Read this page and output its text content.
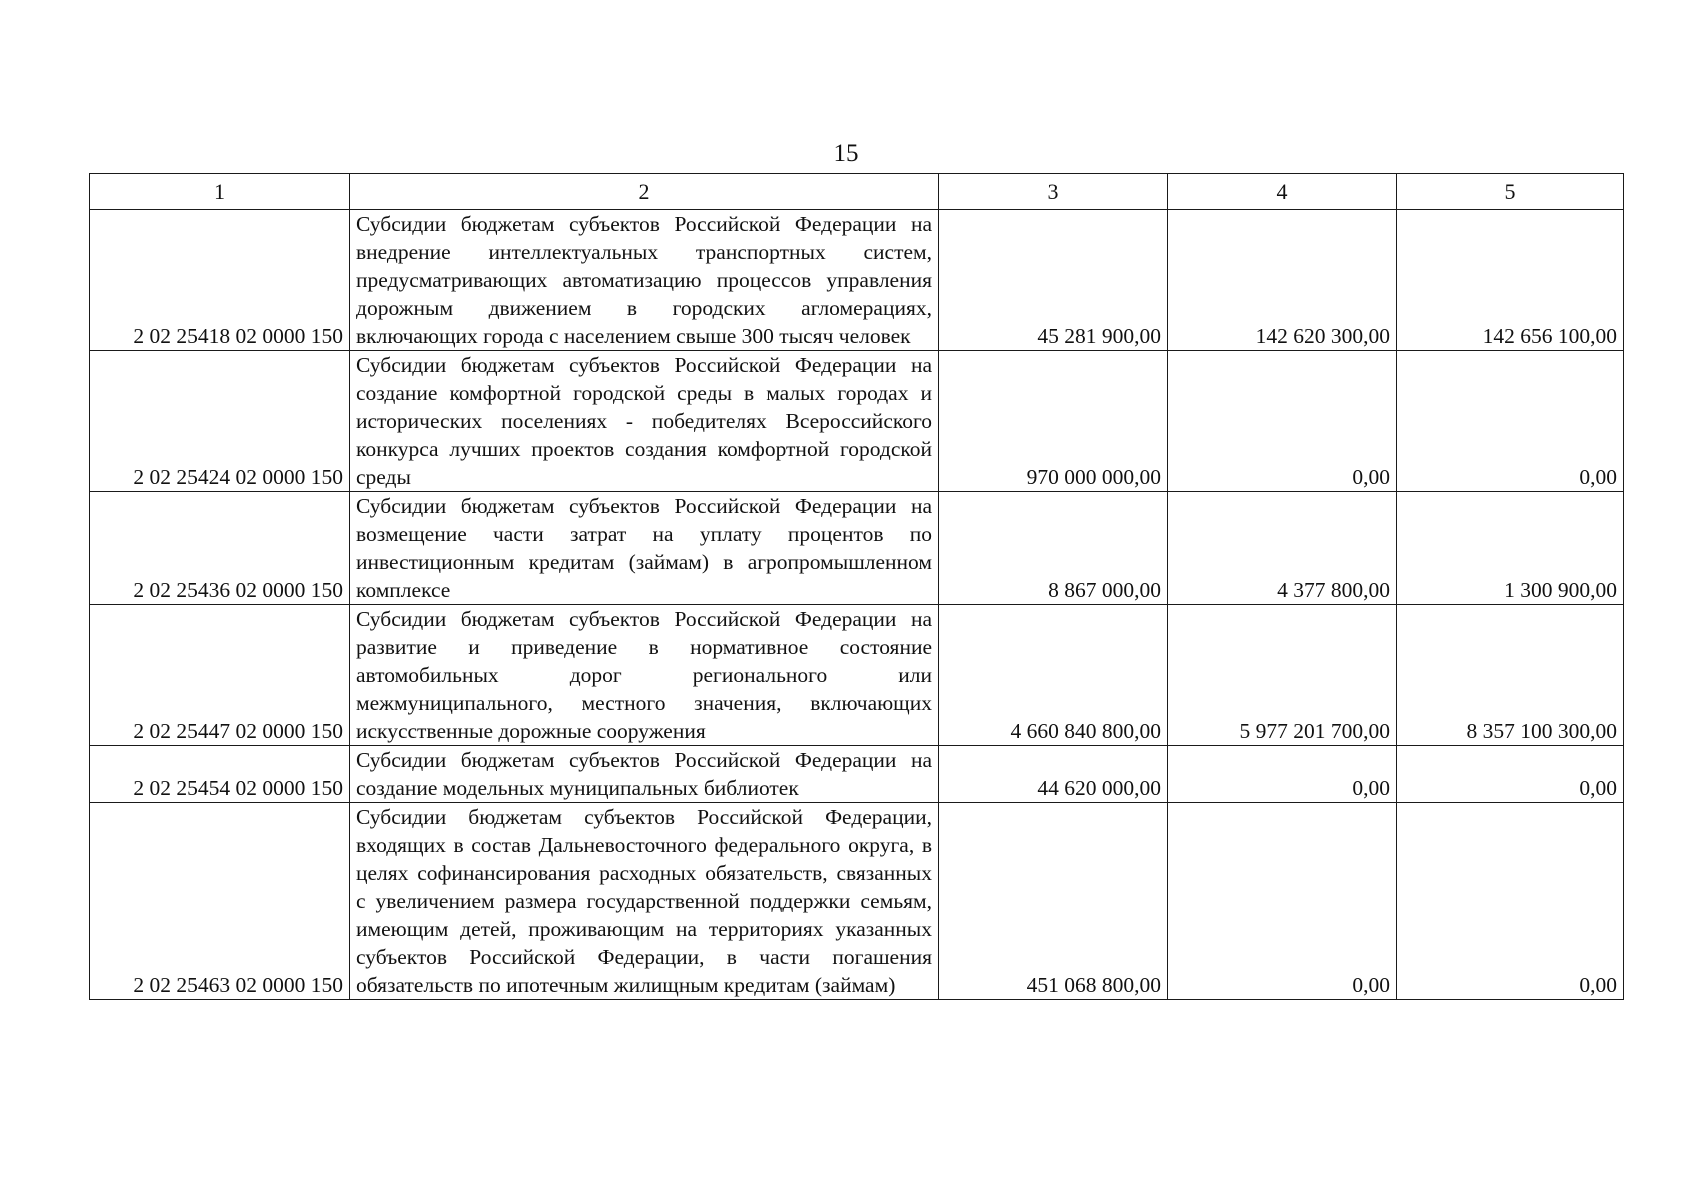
15
1	2	3	4	5
2 02 25418 02 0000 150	Субсидии бюджетам субъектов Российской Федерации на внедрение интеллектуальных транспортных систем, предусматривающих автоматизацию процессов управления дорожным движением в городских агломерациях, включающих города с населением свыше 300 тысяч человек	45 281 900,00	142 620 300,00	142 656 100,00
2 02 25424 02 0000 150	Субсидии бюджетам субъектов Российской Федерации на создание комфортной городской среды в малых городах и исторических поселениях - победителях Всероссийского конкурса лучших проектов создания комфортной городской среды	970 000 000,00	0,00	0,00
2 02 25436 02 0000 150	Субсидии бюджетам субъектов Российской Федерации на возмещение части затрат на уплату процентов по инвестиционным кредитам (займам) в агропромышленном комплексе	8 867 000,00	4 377 800,00	1 300 900,00
2 02 25447 02 0000 150	Субсидии бюджетам субъектов Российской Федерации на развитие и приведение в нормативное состояние автомобильных дорог регионального или межмуниципального, местного значения, включающих искусственные дорожные сооружения	4 660 840 800,00	5 977 201 700,00	8 357 100 300,00
2 02 25454 02 0000 150	Субсидии бюджетам субъектов Российской Федерации на создание модельных муниципальных библиотек	44 620 000,00	0,00	0,00
2 02 25463 02 0000 150	Субсидии бюджетам субъектов Российской Федерации, входящих в состав Дальневосточного федерального округа, в целях софинансирования расходных обязательств, связанных с увеличением размера государственной поддержки семьям, имеющим детей, проживающим на территориях указанных субъектов Российской Федерации, в части погашения обязательств по ипотечным жилищным кредитам (займам)	451 068 800,00	0,00	0,00
